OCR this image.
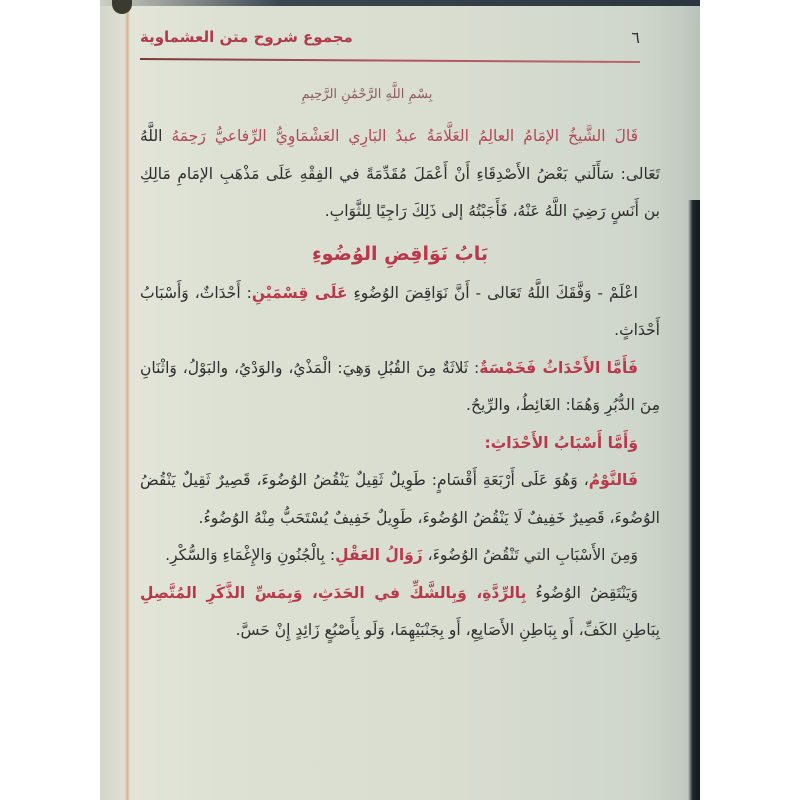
مجموع شروح متن العشماوية	٦
بِسْمِ اللَّهِ الرَّحْمَٰنِ الرَّحِيمِ

قَالَ الشَّيخُ الإمَامُ العالِمُ العَلَّامَةُ عبدُ البَارِي العَشْمَاوِيُّ الرِّفاعيُّ رَحِمَهُ اللَّهُ تَعَالى: سَأَلَني بَعْضُ الأَصْدِقَاءِ أَنْ أَعْمَلَ مُقَدِّمَةً في الفِقْهِ عَلَى مَذْهَبِ الإمَامِ مَالِكِ بن أَنَسٍ رَضِيَ اللَّهُ عَنْهُ، فَأَجَبْتُهُ إلى ذَلِكَ رَاجِيًا لِلثَّوَابِ.

بَابُ نَوَاقِضِ الوُضُوءِ

اعْلَمْ - وَفَّقَكَ اللَّهُ تَعَالى - أَنَّ نَوَاقِضَ الوُضُوءِ عَلَى قِسْمَيْنِ: أَحْدَاثٌ، وَأَسْبَابُ أَحْدَاثٍ.

فَأَمَّا الأَحْدَاثُ فَخَمْسَةٌ: ثَلاثَةٌ مِنَ القُبُلِ وَهِيَ: الْمَذْيُ، والوَدْيُ، والبَوْلُ، وَاثْنَانِ مِنَ الدُّبُرِ وَهُمَا: الغَائِطُ، والرِّيحُ.

وَأَمَّا أَسْبَابُ الأَحْدَاثِ:

فَالنَّوْمُ، وَهُوَ عَلَى أَرْبَعَةِ أَقْسَامٍ: طَوِيلٌ ثَقِيلٌ يَنْقُضُ الوُضُوءَ، قَصِيرٌ ثَقِيلٌ يَنْقُضُ الوُضُوءَ، قَصِيرٌ خَفِيفٌ لَا يَنْقُضُ الوُضُوءَ، طَوِيلٌ خَفِيفٌ يُسْتَحَبُّ مِنْهُ الوُضُوءُ.

وَمِنَ الأَسْبَابِ التي تَنْقُضُ الوُضُوءَ، زَوَالُ العَقْلِ: بِالْجُنُونِ وَالإِغْمَاءِ وَالسُّكْرِ.

وَيَنْتَقِضُ الوُضُوءُ بِالرِّدَّةِ، وَبِالشَّكِّ في الحَدَثِ، وَبِمَسِّ الذَّكَرِ المُتَّصِلِ بِبَاطِنِ الكَفِّ، أَو بِبَاطِنِ الأَصَابِعِ، أَو بِجَنْبَيْهِمَا، وَلَو بِأَصْبُعٍ زَائِدٍ إِنْ حَسَّ.
